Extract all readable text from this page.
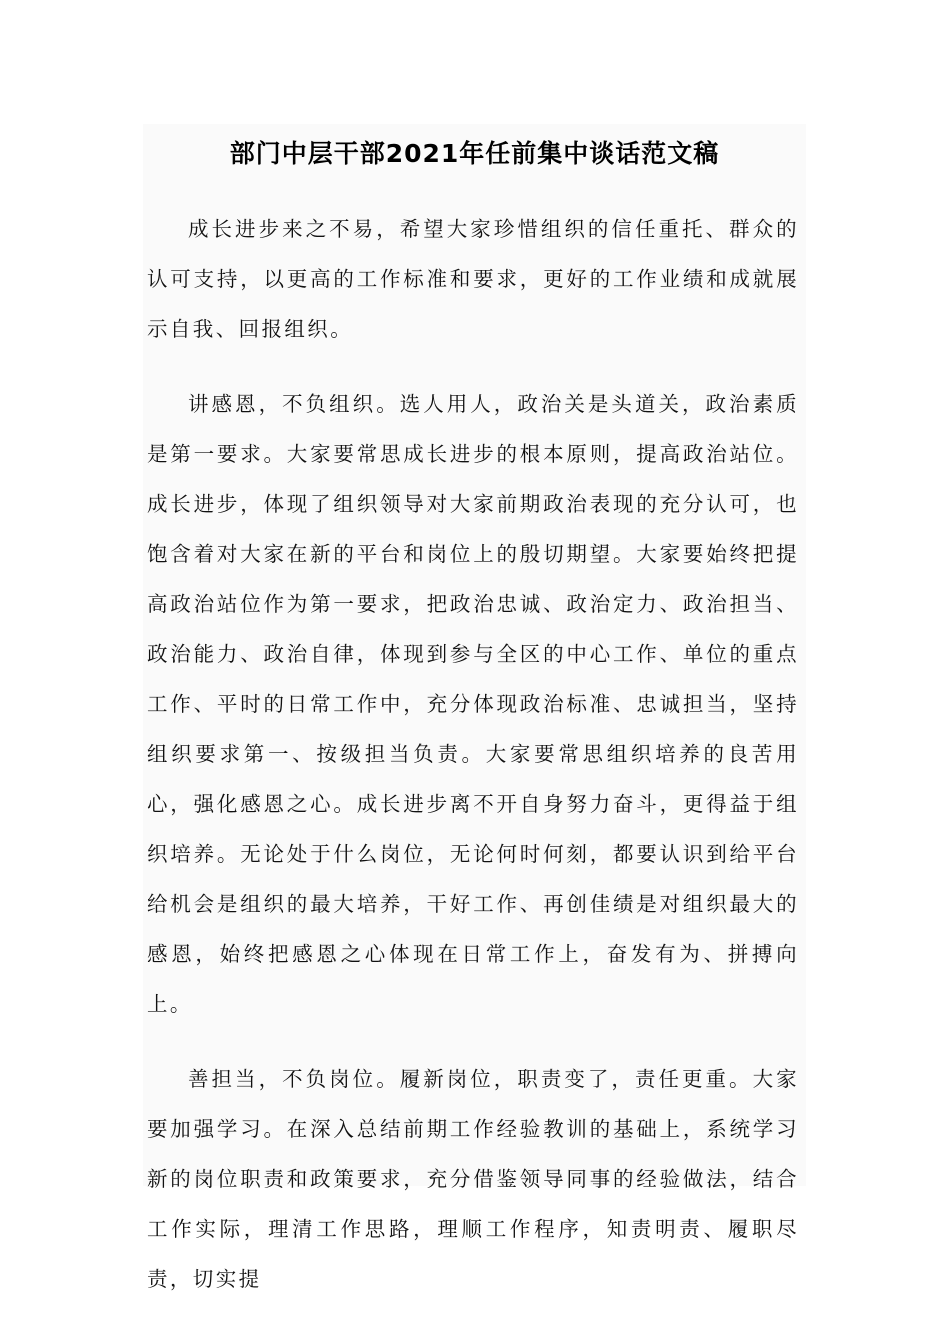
部门中层干部2021年任前集中谈话范文稿

成长进步来之不易，希望大家珍惜组织的信任重托、群众的认可支持，以更高的工作标准和要求，更好的工作业绩和成就展示自我、回报组织。

讲感恩，不负组织。选人用人，政治关是头道关，政治素质是第一要求。大家要常思成长进步的根本原则，提高政治站位。成长进步，体现了组织领导对大家前期政治表现的充分认可，也饱含着对大家在新的平台和岗位上的殷切期望。大家要始终把提高政治站位作为第一要求，把政治忠诚、政治定力、政治担当、政治能力、政治自律，体现到参与全区的中心工作、单位的重点工作、平时的日常工作中，充分体现政治标准、忠诚担当，坚持组织要求第一、按级担当负责。大家要常思组织培养的良苦用心，强化感恩之心。成长进步离不开自身努力奋斗，更得益于组织培养。无论处于什么岗位，无论何时何刻，都要认识到给平台给机会是组织的最大培养，干好工作、再创佳绩是对组织最大的感恩，始终把感恩之心体现在日常工作上，奋发有为、拼搏向上。

善担当，不负岗位。履新岗位，职责变了，责任更重。大家要加强学习。在深入总结前期工作经验教训的基础上，系统学习新的岗位职责和政策要求，充分借鉴领导同事的经验做法，结合工作实际，理清工作思路，理顺工作程序，知责明责、履职尽责，切实提
